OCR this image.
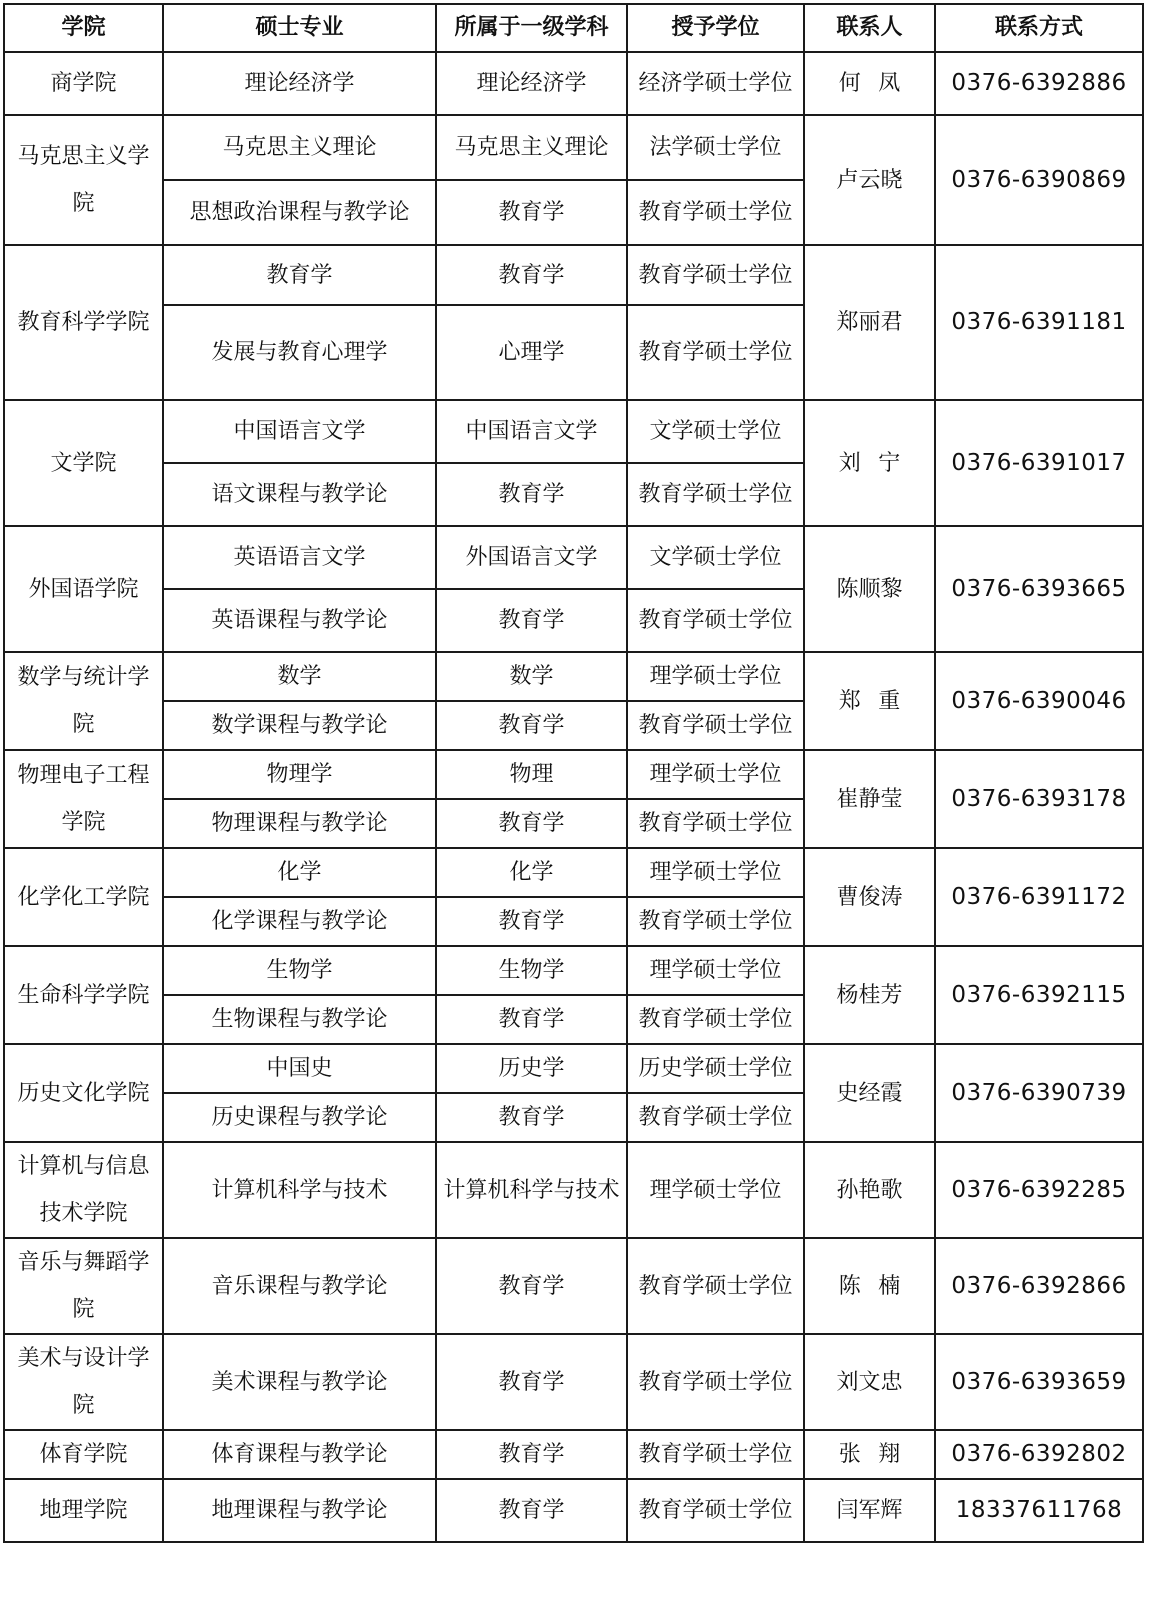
学院	硕士专业	所属于一级学科	授予学位	联系人	联系方式
商学院	理论经济学	理论经济学	经济学硕士学位	何凤	0376-6392886
马克思主义学院	马克思主义理论	马克思主义理论	法学硕士学位	卢云晓	0376-6390869
	思想政治课程与教学论	教育学	教育学硕士学位		
教育科学学院	教育学	教育学	教育学硕士学位	郑丽君	0376-6391181
	发展与教育心理学	心理学	教育学硕士学位		
文学院	中国语言文学	中国语言文学	文学硕士学位	刘宁	0376-6391017
	语文课程与教学论	教育学	教育学硕士学位		
外国语学院	英语语言文学	外国语言文学	文学硕士学位	陈顺黎	0376-6393665
	英语课程与教学论	教育学	教育学硕士学位		
数学与统计学院	数学	数学	理学硕士学位	郑重	0376-6390046
	数学课程与教学论	教育学	教育学硕士学位		
物理电子工程学院	物理学	物理	理学硕士学位	崔静莹	0376-6393178
	物理课程与教学论	教育学	教育学硕士学位		
化学化工学院	化学	化学	理学硕士学位	曹俊涛	0376-6391172
	化学课程与教学论	教育学	教育学硕士学位		
生命科学学院	生物学	生物学	理学硕士学位	杨桂芳	0376-6392115
	生物课程与教学论	教育学	教育学硕士学位		
历史文化学院	中国史	历史学	历史学硕士学位	史经霞	0376-6390739
	历史课程与教学论	教育学	教育学硕士学位		
计算机与信息技术学院	计算机科学与技术	计算机科学与技术	理学硕士学位	孙艳歌	0376-6392285
音乐与舞蹈学院	音乐课程与教学论	教育学	教育学硕士学位	陈楠	0376-6392866
美术与设计学院	美术课程与教学论	教育学	教育学硕士学位	刘文忠	0376-6393659
体育学院	体育课程与教学论	教育学	教育学硕士学位	张翔	0376-6392802
地理学院	地理课程与教学论	教育学	教育学硕士学位	闫军辉	18337611768
